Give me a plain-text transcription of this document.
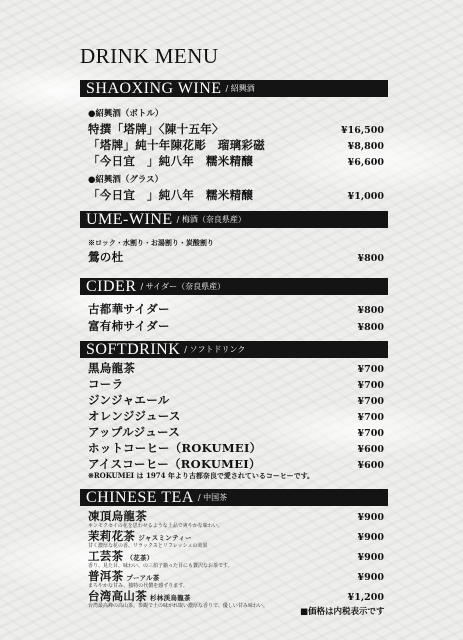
DRINK MENU
SHAOXING WINE / 紹興酒
●紹興酒（ボトル）
特撰「塔牌」〈陳十五年〉	¥16,500
「塔牌」純十年陳花彫　瑠璃彩磁	¥8,800
「今日宜　」純八年　糯米精醸	¥6,600
●紹興酒（グラス）
「今日宜　」純八年　糯米精醸	¥1,000
UME-WINE / 梅酒（奈良県産）
※ロック・水割り・お湯割り・炭酸割り
鶯の杜	¥800
CIDER / サイダー（奈良県産）
古都華サイダー	¥800
富有柿サイダー	¥800
SOFTDRINK / ソフトドリンク
黒烏龍茶	¥700
コーラ	¥700
ジンジャエール	¥700
オレンジジュース	¥700
アップルジュース	¥700
ホットコーヒー（ROKUMEI）	¥600
アイスコーヒー（ROKUMEI）	¥600
※ROKUMEI は 1974 年より古都奈良で愛されているコーヒーです。
CHINESE TEA / 中国茶
凍頂烏龍茶	¥900
キンモクセイの花を思わせるような上品で爽やかな味わい。
茉莉花茶 ジャスミンティー	¥900
甘く濃厚な花の香、リラックスとリフレッシュの効果
工芸茶 （花茶）	¥900
香り、見た目、味わい、の三拍子揃った目にも贅沢なお茶です。
普洱茶 プーアル茶	¥900
まろやかな甘み、独特の代償を感ずります。
台湾高山茶 杉林渓烏龍茶	¥1,200
台湾最高峰の高山茶。参観で土の味がれ取い濃厚な香りで、優しい甘み味わい。
■価格は内税表示です
